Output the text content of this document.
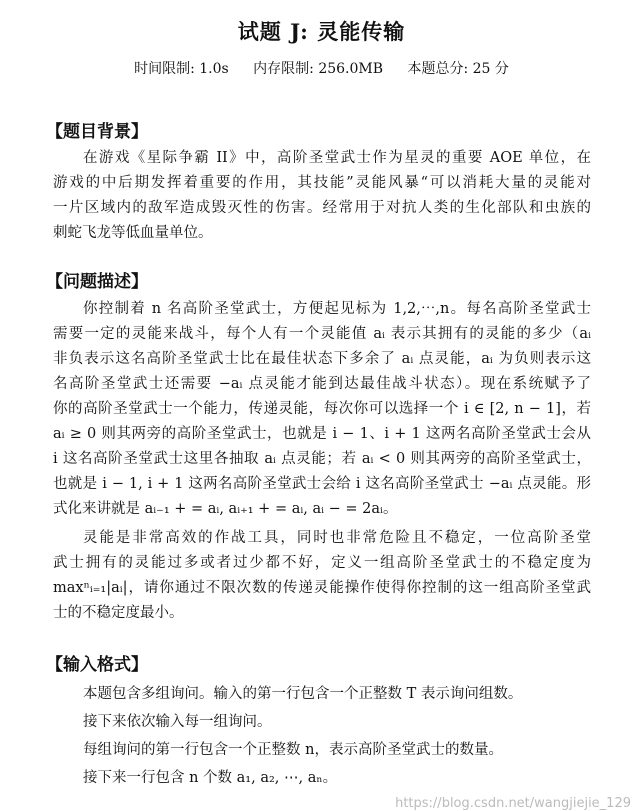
试题 J: 灵能传输
时间限制: 1.0s 内存限制: 256.0MB 本题总分: 25 分
【题目背景】
在游戏《星际争霸 II》中，高阶圣堂武士作为星灵的重要 AOE 单位，在
游戏的中后期发挥着重要的作用，其技能”灵能风暴“可以消耗大量的灵能对
一片区域内的敌军造成毁灭性的伤害。经常用于对抗人类的生化部队和虫族的
刺蛇飞龙等低血量单位。
【问题描述】
你控制着 n 名高阶圣堂武士，方便起见标为 1,2,⋯,n。每名高阶圣堂武士
需要一定的灵能来战斗，每个人有一个灵能值 aᵢ 表示其拥有的灵能的多少（aᵢ
非负表示这名高阶圣堂武士比在最佳状态下多余了 aᵢ 点灵能，aᵢ 为负则表示这
名高阶圣堂武士还需要 −aᵢ 点灵能才能到达最佳战斗状态）。现在系统赋予了
你的高阶圣堂武士一个能力，传递灵能，每次你可以选择一个 i ∈ [2, n − 1]，若
aᵢ ≥ 0 则其两旁的高阶圣堂武士，也就是 i − 1、i + 1 这两名高阶圣堂武士会从
i 这名高阶圣堂武士这里各抽取 aᵢ 点灵能；若 aᵢ < 0 则其两旁的高阶圣堂武士，
也就是 i − 1, i + 1 这两名高阶圣堂武士会给 i 这名高阶圣堂武士 −aᵢ 点灵能。形
式化来讲就是 aᵢ₋₁ + = aᵢ, aᵢ₊₁ + = aᵢ, aᵢ − = 2aᵢ。
灵能是非常高效的作战工具，同时也非常危险且不稳定，一位高阶圣堂
武士拥有的灵能过多或者过少都不好，定义一组高阶圣堂武士的不稳定度为
maxⁿᵢ₌₁|aᵢ|，请你通过不限次数的传递灵能操作使得你控制的这一组高阶圣堂武
士的不稳定度最小。
【输入格式】
本题包含多组询问。输入的第一行包含一个正整数 T 表示询问组数。
接下来依次输入每一组询问。
每组询问的第一行包含一个正整数 n，表示高阶圣堂武士的数量。
接下来一行包含 n 个数 a₁, a₂, ⋯, aₙ。
https://blog.csdn.net/wangjiejie_129
